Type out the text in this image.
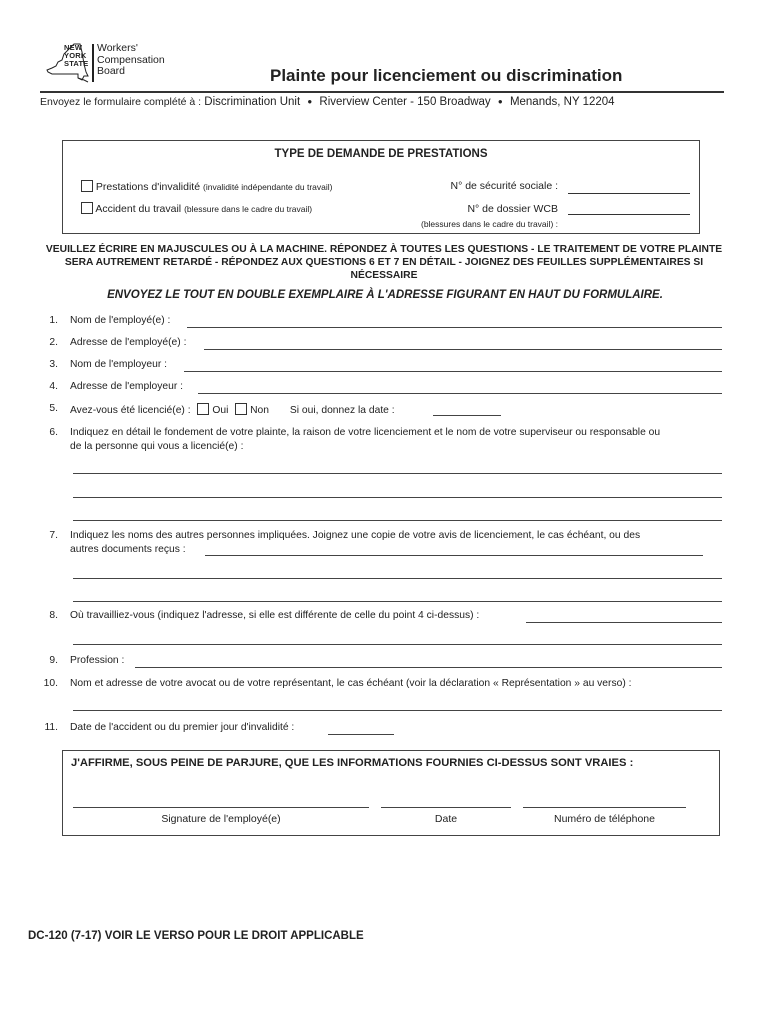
NEW
YORK
STATE
Workers'
Compensation
Board	Plainte pour licenciement ou discrimination
Envoyez le formulaire complété à : Discrimination Unit ● Riverview Center - 150 Broadway ● Menands, NY 12204
TYPE DE DEMANDE DE PRESTATIONS
Prestations d'invalidité (invalidité indépendante du travail)
Accident du travail (blessure dans le cadre du travail)
N° de sécurité sociale :
N° de dossier WCB
(blessures dans le cadre du travail) :
VEUILLEZ ÉCRIRE EN MAJUSCULES OU À LA MACHINE. RÉPONDEZ À TOUTES LES QUESTIONS - LE TRAITEMENT DE VOTRE PLAINTE SERA AUTREMENT RETARDÉ - RÉPONDEZ AUX QUESTIONS 6 ET 7 EN DÉTAIL - JOIGNEZ DES FEUILLES SUPPLÉMENTAIRES SI NÉCESSAIRE
ENVOYEZ LE TOUT EN DOUBLE EXEMPLAIRE À L'ADRESSE FIGURANT EN HAUT DU FORMULAIRE.
1. Nom de l'employé(e) :
2. Adresse de l'employé(e) :
3. Nom de l'employeur :
4. Adresse de l'employeur :
5. Avez-vous été licencié(e) : Oui Non Si oui, donnez la date :
6. Indiquez en détail le fondement de votre plainte, la raison de votre licenciement et le nom de votre superviseur ou responsable ou
de la personne qui vous a licencié(e) :
7. Indiquez les noms des autres personnes impliquées. Joignez une copie de votre avis de licenciement, le cas échéant, ou des
autres documents reçus :
8. Où travailliez-vous (indiquez l'adresse, si elle est différente de celle du point 4 ci-dessus) :
9. Profession :
10. Nom et adresse de votre avocat ou de votre représentant, le cas échéant (voir la déclaration « Représentation » au verso) :
11. Date de l'accident ou du premier jour d'invalidité :
J'AFFIRME, SOUS PEINE DE PARJURE, QUE LES INFORMATIONS FOURNIES CI-DESSUS SONT VRAIES :
Signature de l'employé(e)	Date	Numéro de téléphone
DC-120 (7-17) VOIR LE VERSO POUR LE DROIT APPLICABLE
